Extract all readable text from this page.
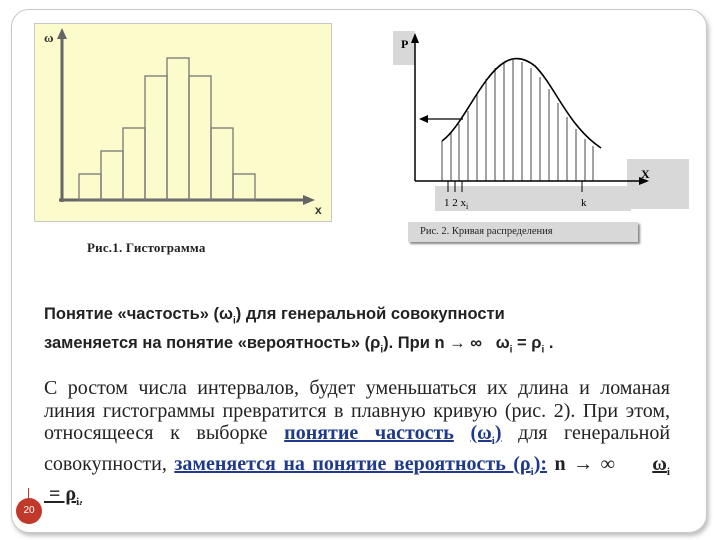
ω
x
P
X
1 2 $x_i$	k
Рис. 2. Кривая распределения
Рис.1. Гистограмма
Понятие «частость» $(\omega_i)$ для генеральной совокупности
заменяется на понятие «вероятность» $(\rho_i)$. При n → ∞   $\omega_i = \rho_i$ .
С ростом числа интервалов, будет уменьшаться их длина и ломаная линия гистограммы превратится в плавную кривую (рис. 2). При этом, относящееся к выборке понятие частость $(\omega_i)$ для генеральной совокупности, заменяется на понятие вероятность $(\rho_i)$: n → ∞     $\omega_i = \rho_{i.}$
20
